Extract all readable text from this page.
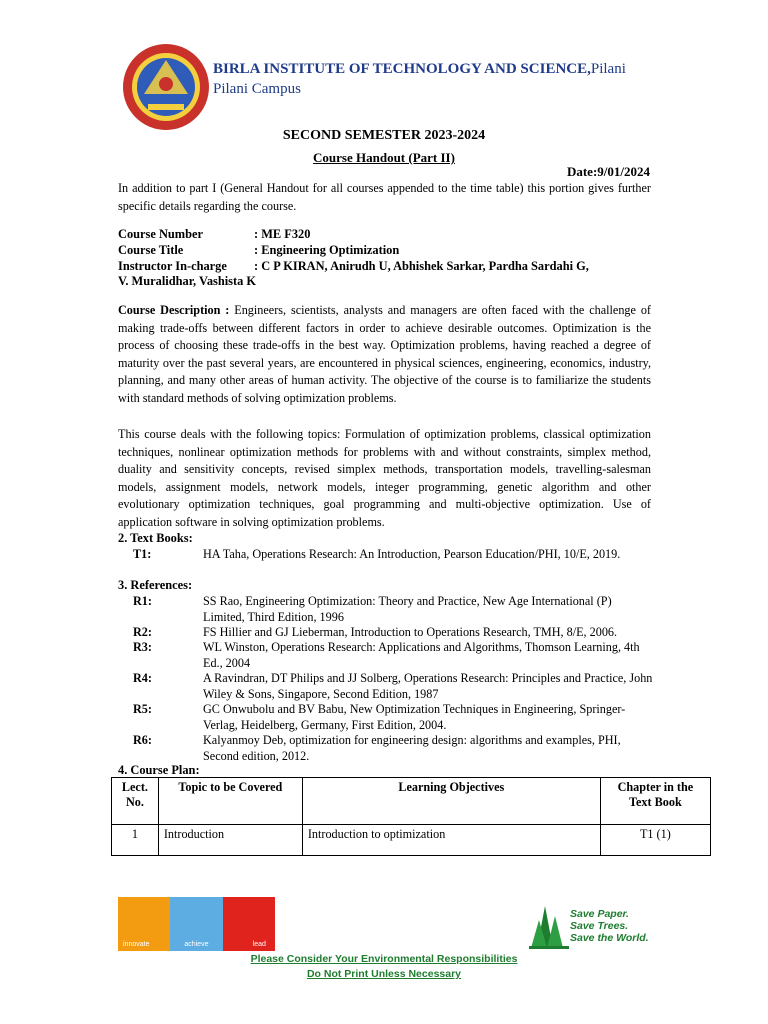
BIRLA INSTITUTE OF TECHNOLOGY AND SCIENCE,Pilani
Pilani Campus
SECOND SEMESTER 2023-2024
Course Handout (Part II)
Date:9/01/2024
In addition to part I (General Handout for all courses appended to the time table) this portion gives further specific details regarding the course.
Course Number	: ME F320
Course Title	: Engineering Optimization
Instructor In-charge : C P KIRAN, Anirudh U, Abhishek Sarkar, Pardha Sardahi G,
V. Muralidhar, Vashista K
Course Description : Engineers, scientists, analysts and managers are often faced with the challenge of making trade-offs between different factors in order to achieve desirable outcomes. Optimization is the process of choosing these trade-offs in the best way. Optimization problems, having reached a degree of maturity over the past several years, are encountered in physical sciences, engineering, economics, industry, planning, and many other areas of human activity. The objective of the course is to familiarize the students with standard methods of solving optimization problems.
This course deals with the following topics: Formulation of optimization problems, classical optimization techniques, nonlinear optimization methods for problems with and without constraints, simplex method, duality and sensitivity concepts, revised simplex methods, transportation models, travelling-salesman models, assignment models, network models, integer programming, genetic algorithm and other evolutionary optimization techniques, goal programming and multi-objective optimization. Use of application software in solving optimization problems.
2. Text Books:
T1:	HA Taha, Operations Research: An Introduction, Pearson Education/PHI, 10/E, 2019.
3. References:
R1:	SS Rao, Engineering Optimization: Theory and Practice, New Age International (P) Limited, Third Edition, 1996
R2:	FS Hillier and GJ Lieberman, Introduction to Operations Research, TMH, 8/E, 2006.
R3:	WL Winston, Operations Research: Applications and Algorithms, Thomson Learning, 4th Ed., 2004
R4:	A Ravindran, DT Philips and JJ Solberg, Operations Research: Principles and Practice, John Wiley & Sons, Singapore, Second Edition, 1987
R5:	GC Onwubolu and BV Babu, New Optimization Techniques in Engineering, Springer-Verlag, Heidelberg, Germany, First Edition, 2004.
R6:	Kalyanmoy Deb, optimization for engineering design: algorithms and examples, PHI, Second edition, 2012.
4. Course Plan:
Lect. No.	Topic to be Covered	Learning Objectives	Chapter in the Text Book
1	Introduction	Introduction to optimization	T1 (1)
innovate	achieve	lead
Save Paper.
Save Trees.
Save the World.
Please Consider Your Environmental Responsibilities
Do Not Print Unless Necessary
